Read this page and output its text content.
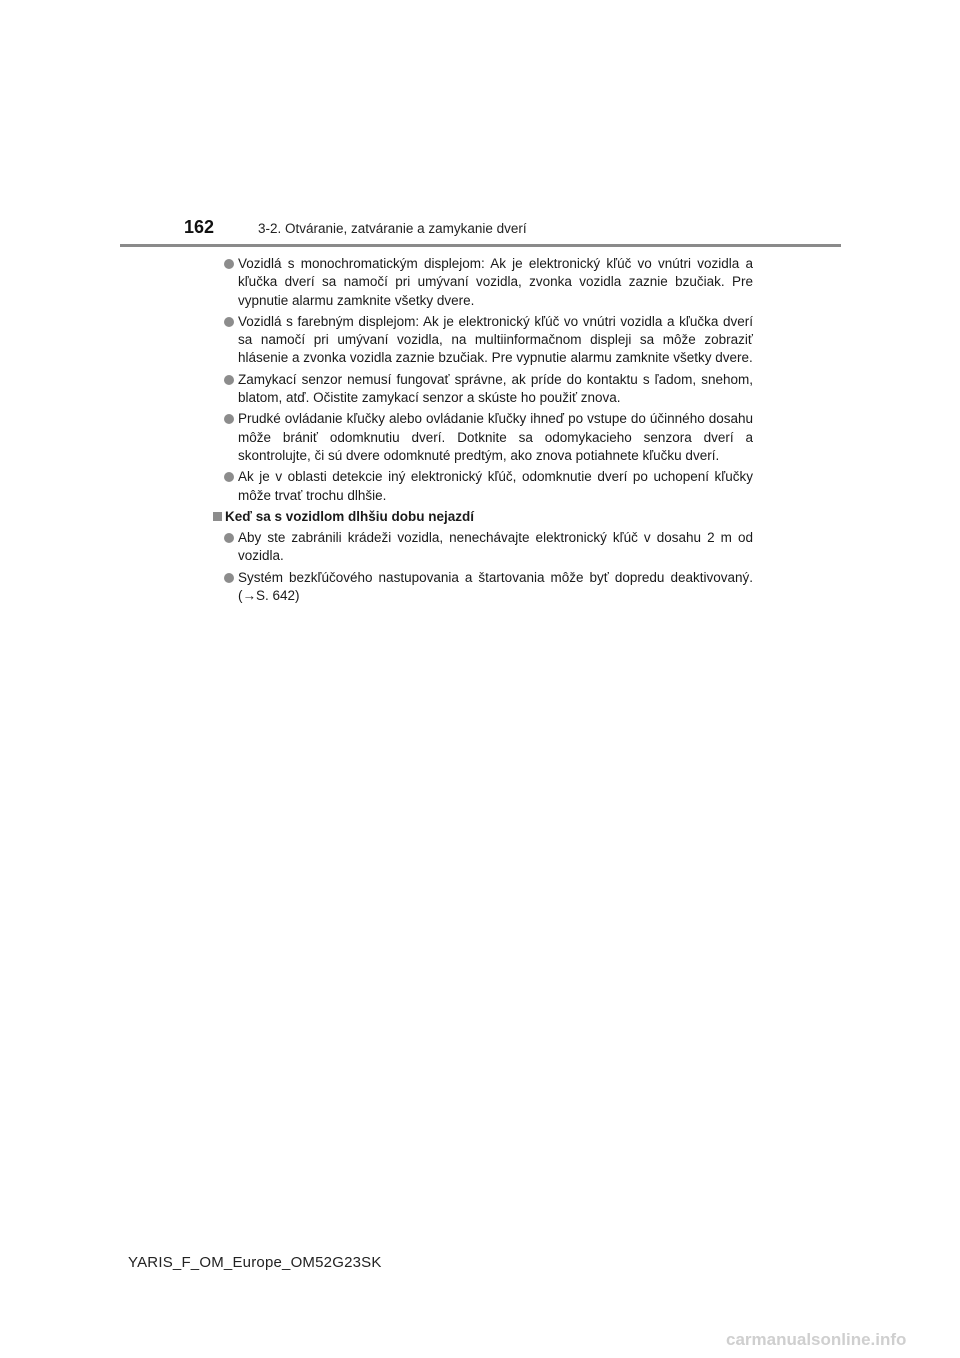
162	3-2. Otváranie, zatváranie a zamykanie dverí
Vozidlá s monochromatickým displejom: Ak je elektronický kľúč vo vnútri vozidla a kľučka dverí sa namočí pri umývaní vozidla, zvonka vozidla zaznie bzučiak. Pre vypnutie alarmu zamknite všetky dvere.
Vozidlá s farebným displejom: Ak je elektronický kľúč vo vnútri vozidla a kľučka dverí sa namočí pri umývaní vozidla, na multiinformačnom displeji sa môže zobraziť hlásenie a zvonka vozidla zaznie bzučiak. Pre vypnutie alarmu zamknite všetky dvere.
Zamykací senzor nemusí fungovať správne, ak príde do kontaktu s ľadom, snehom, blatom, atď. Očistite zamykací senzor a skúste ho použiť znova.
Prudké ovládanie kľučky alebo ovládanie kľučky ihneď po vstupe do účinného dosahu môže brániť odomknutiu dverí. Dotknite sa odomykacieho senzora dverí a skontrolujte, či sú dvere odomknuté predtým, ako znova potiahnete kľučku dverí.
Ak je v oblasti detekcie iný elektronický kľúč, odomknutie dverí po uchopení kľučky môže trvať trochu dlhšie.
Keď sa s vozidlom dlhšiu dobu nejazdí
Aby ste zabránili krádeži vozidla, nenechávajte elektronický kľúč v dosahu 2 m od vozidla.
Systém bezkľúčového nastupovania a štartovania môže byť dopredu deaktivovaný. (→S. 642)
YARIS_F_OM_Europe_OM52G23SK
carmanualsonline.info
